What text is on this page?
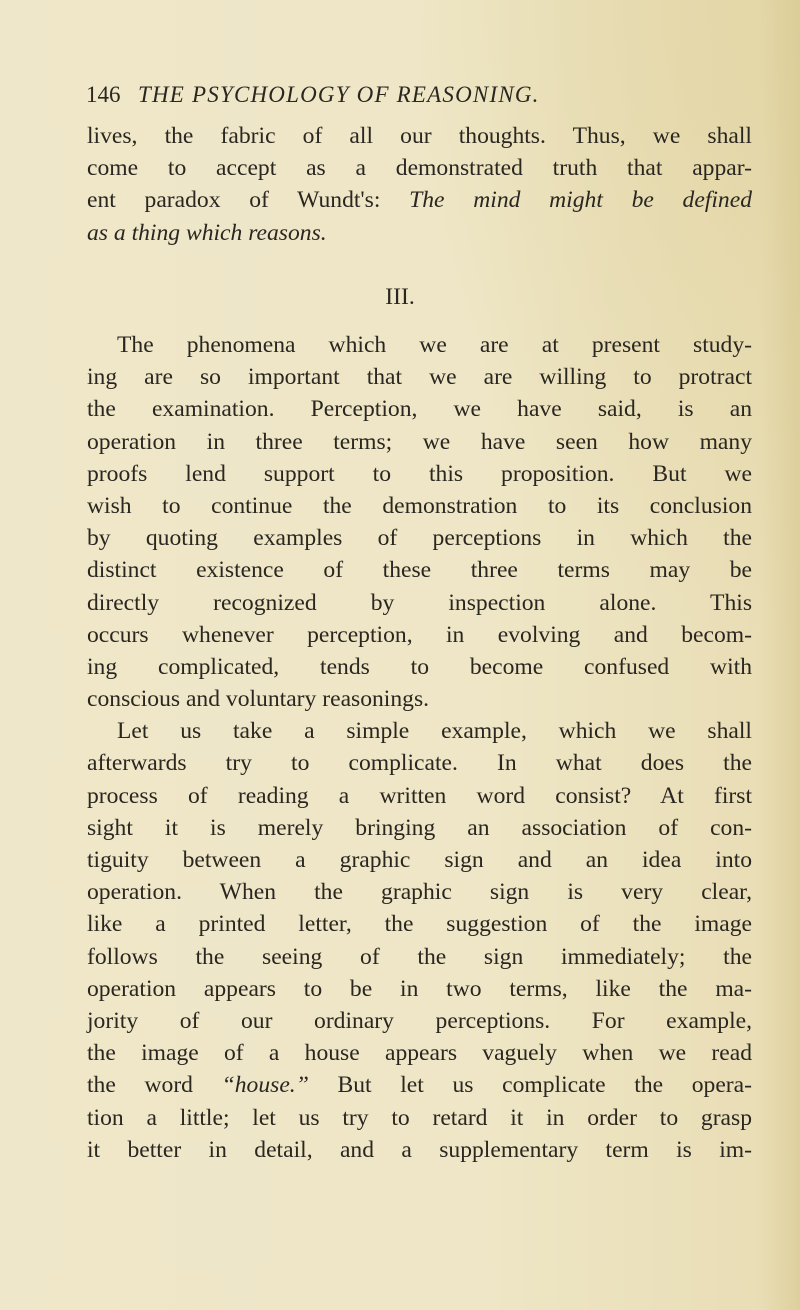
146 THE PSYCHOLOGY OF REASONING.
lives, the fabric of all our thoughts. Thus, we shall
come to accept as a demonstrated truth that appar-
ent paradox of Wundt's: The mind might be defined
as a thing which reasons.
III.
The phenomena which we are at present study-
ing are so important that we are willing to protract
the examination. Perception, we have said, is an
operation in three terms; we have seen how many
proofs lend support to this proposition. But we
wish to continue the demonstration to its conclusion
by quoting examples of perceptions in which the
distinct existence of these three terms may be
directly recognized by inspection alone. This
occurs whenever perception, in evolving and becom-
ing complicated, tends to become confused with
conscious and voluntary reasonings.
Let us take a simple example, which we shall
afterwards try to complicate. In what does the
process of reading a written word consist? At first
sight it is merely bringing an association of con-
tiguity between a graphic sign and an idea into
operation. When the graphic sign is very clear,
like a printed letter, the suggestion of the image
follows the seeing of the sign immediately; the
operation appears to be in two terms, like the ma-
jority of our ordinary perceptions. For example,
the image of a house appears vaguely when we read
the word “house.” But let us complicate the opera-
tion a little; let us try to retard it in order to grasp
it better in detail, and a supplementary term is im-
